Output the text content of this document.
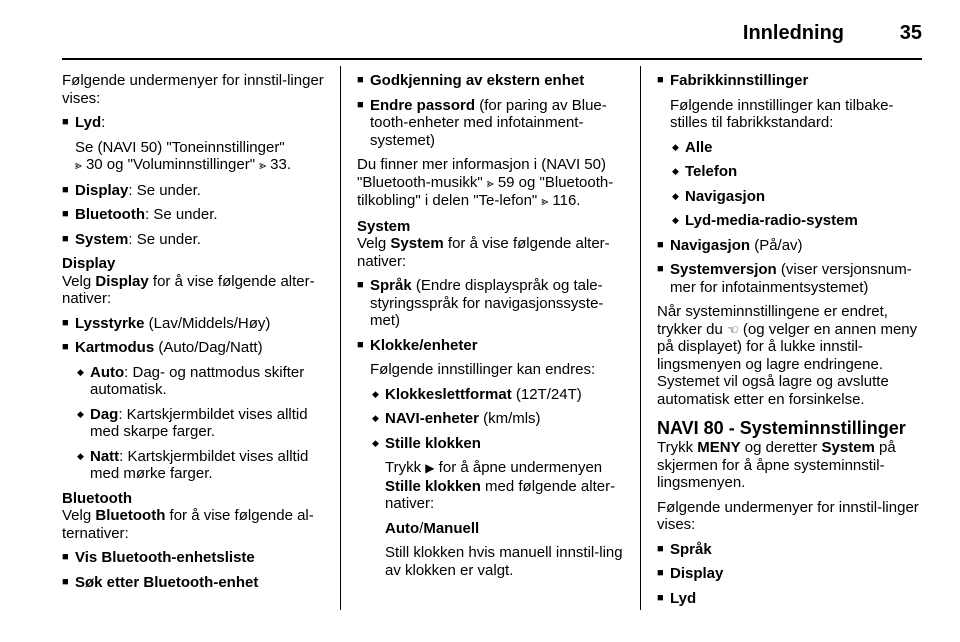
Innledning	35

Følgende undermenyer for innstil-linger vises:

■ Lyd:
Se (NAVI 50) "Toneinnstillinger"
⪢ 30 og "Voluminnstillinger" ⪢ 33.
■ Display: Se under.
■ Bluetooth: Se under.
■ System: Se under.
Display

Velg Display for å vise følgende alter-nativer:

■ Lysstyrke (Lav/Middels/Høy)
■ Kartmodus (Auto/Dag/Natt)
◆ Auto: Dag- og nattmodus skifter automatisk.
◆ Dag: Kartskjermbildet vises alltid med skarpe farger.
◆ Natt: Kartskjermbildet vises alltid med mørke farger.
Bluetooth

Velg Bluetooth for å vise følgende al-ternativer:

■ Vis Bluetooth-enhetsliste
■ Søk etter Bluetooth-enhet
■ Godkjenning av ekstern enhet
■ Endre passord (for paring av Blue-tooth-enheter med infotainment-systemet)

Du finner mer informasjon i (NAVI 50) "Bluetooth-musikk" ⪢ 59 og "Bluetooth-tilkobling" i delen "Te-lefon" ⪢ 116.

System

Velg System for å vise følgende alter-nativer:

■ Språk (Endre displayspråk og tale-styringsspråk for navigasjonssyste-met)
■ Klokke/enheter
Følgende innstillinger kan endres:
◆ Klokkeslettformat (12T/24T)
◆ NAVI-enheter (km/mls)
◆ Stille klokken
Trykk ▶ for å åpne undermenyen Stille klokken med følgende alter-nativer:
Auto/Manuell
Still klokken hvis manuell innstil-ling av klokken er valgt.
■ Fabrikkinnstillinger
Følgende innstillinger kan tilbake-stilles til fabrikkstandard:
◆ Alle
◆ Telefon
◆ Navigasjon
◆ Lyd-media-radio-system
■ Navigasjon (På/av)
■ Systemversjon (viser versjonsnum-mer for infotainmentsystemet)

Når systeminnstillingene er endret, trykker du ☜ (og velger en annen meny på displayet) for å lukke innstil-lingsmenyen og lagre endringene. Systemet vil også lagre og avslutte automatisk etter en forsinkelse.

NAVI 80 - Systeminnstillinger

Trykk MENY og deretter System på skjermen for å åpne systeminnstil-lingsmenyen.

Følgende undermenyer for innstil-linger vises:

■ Språk
■ Display
■ Lyd
